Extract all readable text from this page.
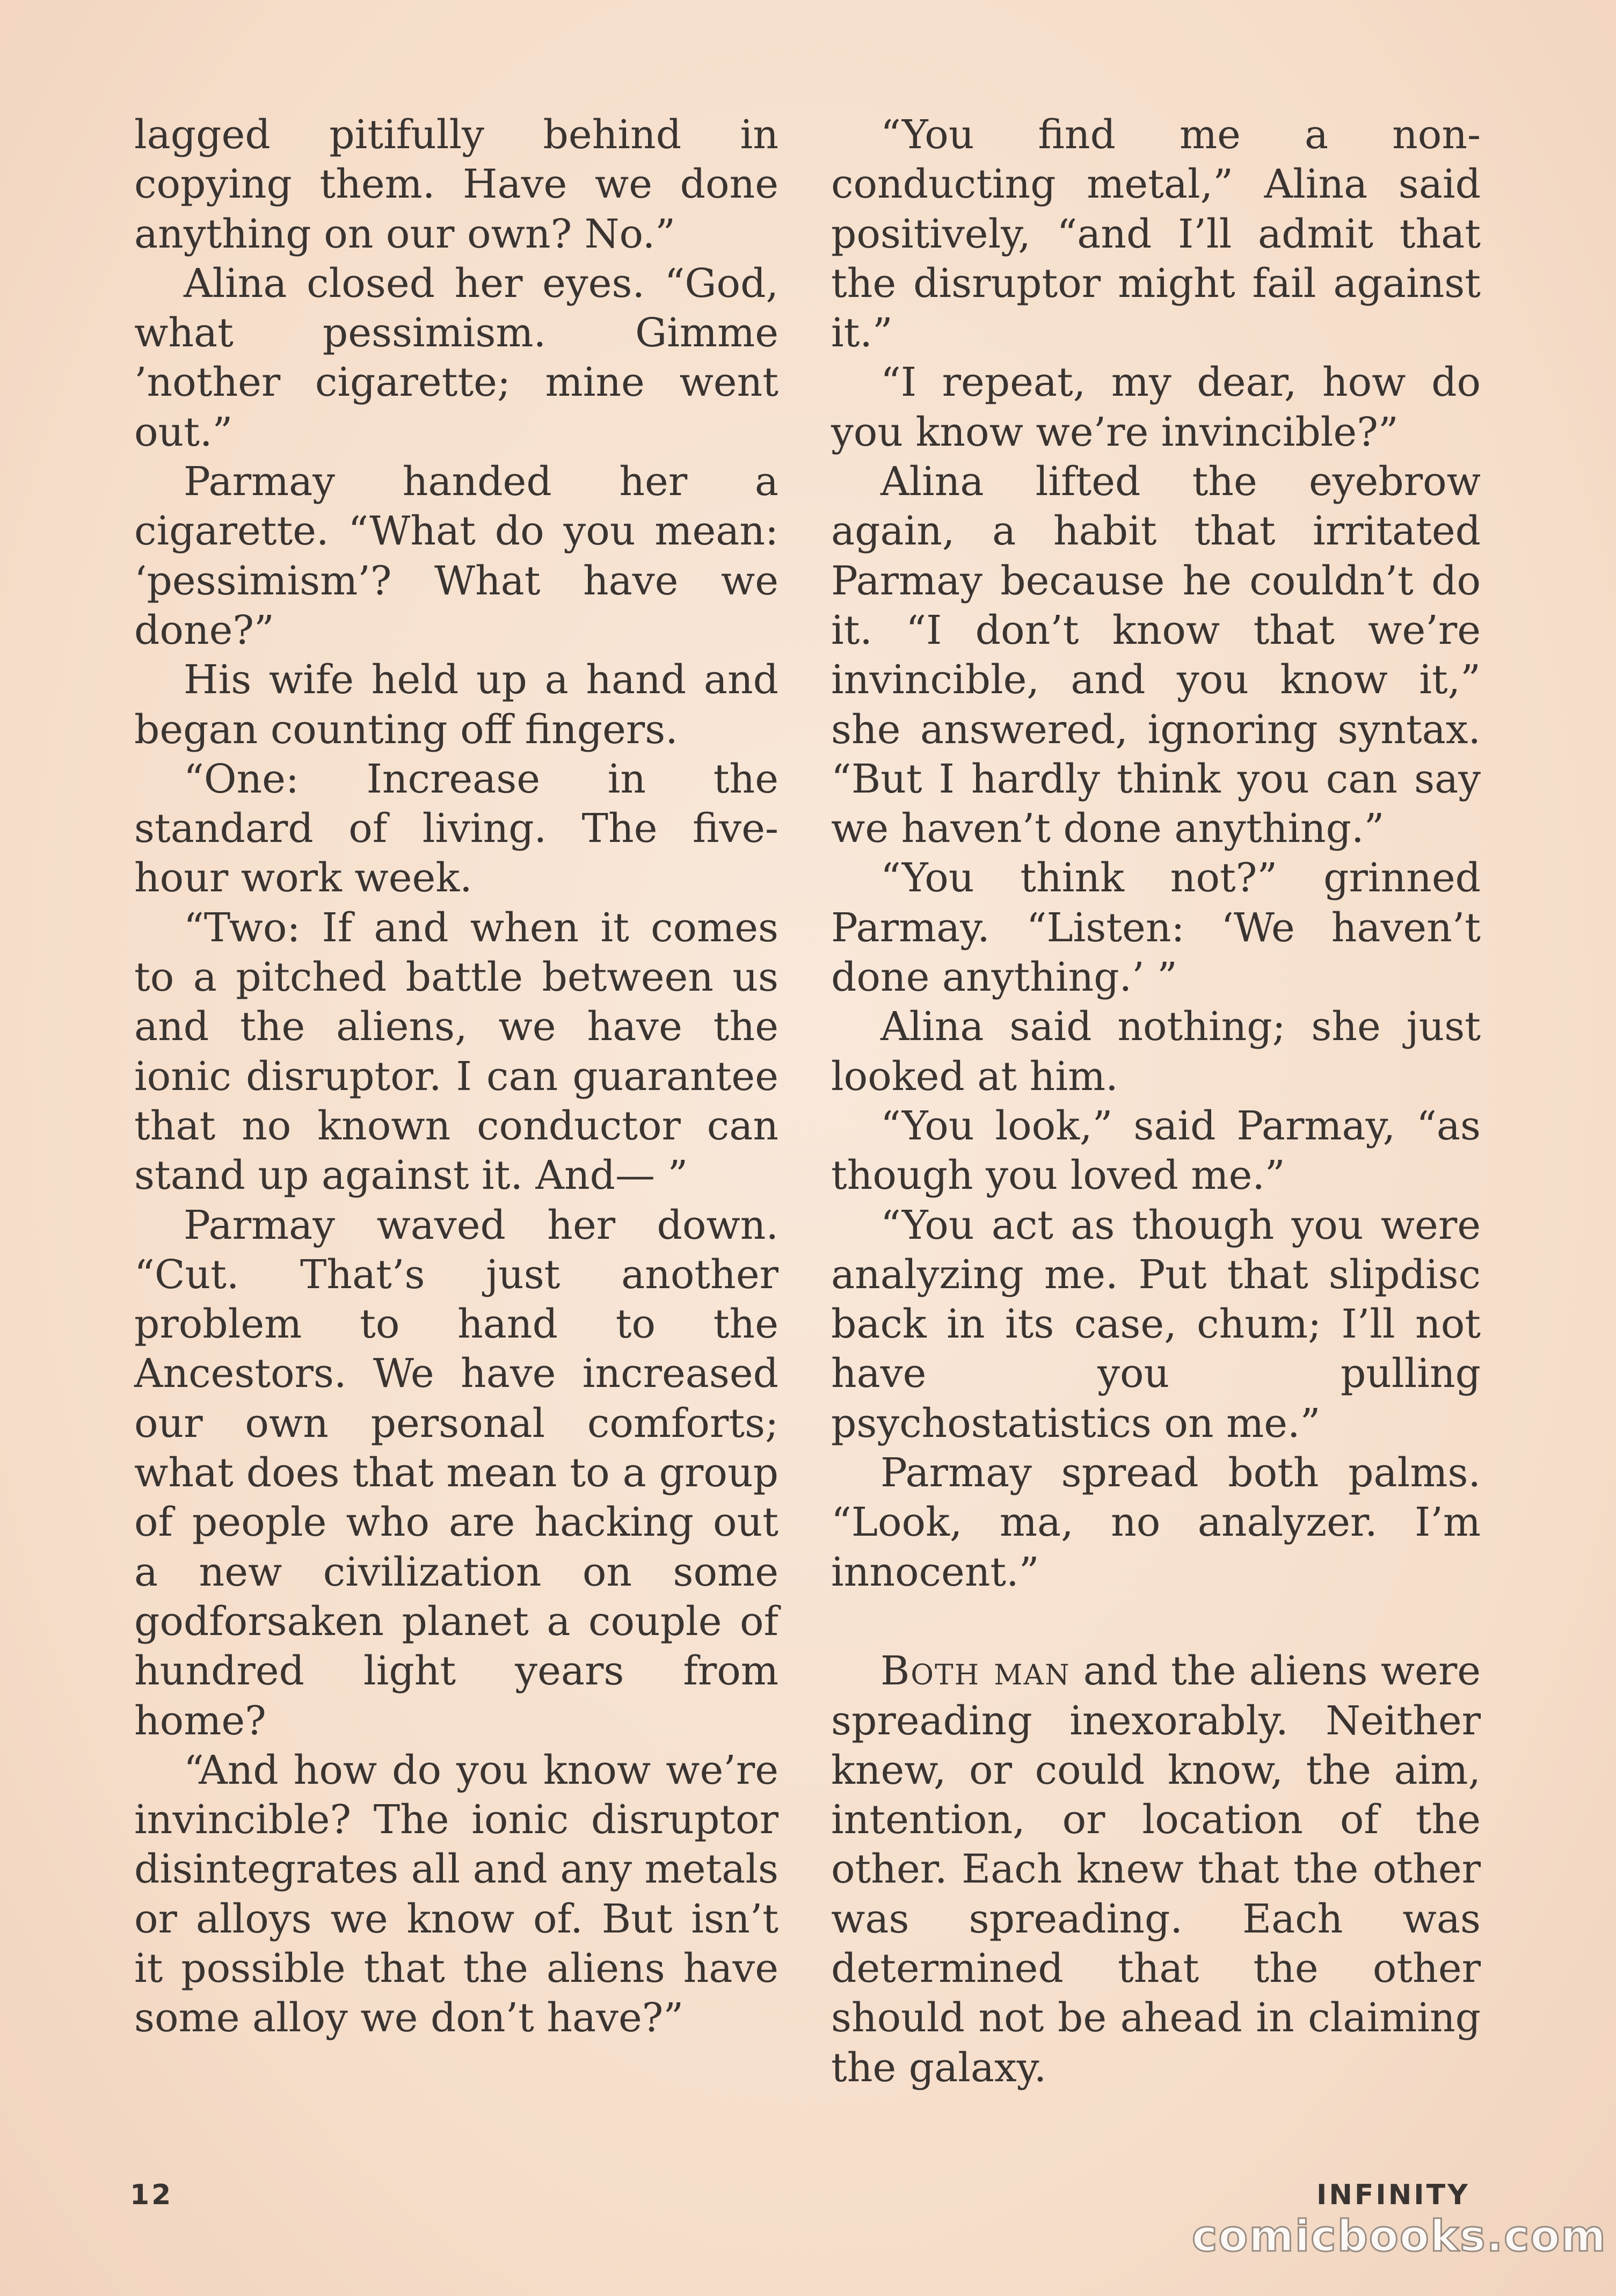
lagged pitifully behind in copying them. Have we done anything on our own? No.”

Alina closed her eyes. “God, what pessimism. Gimme ’nother cigarette; mine went out.”

Parmay handed her a cigarette. “What do you mean: ‘pessimism’? What have we done?”

His wife held up a hand and began counting off fingers.

“One: Increase in the standard of living. The five-hour work week.

“Two: If and when it comes to a pitched battle between us and the aliens, we have the ionic disruptor. I can guarantee that no known conductor can stand up against it. And— ”

Parmay waved her down. “Cut. That’s just another problem to hand to the Ancestors. We have increased our own personal comforts; what does that mean to a group of people who are hacking out a new civilization on some godforsaken planet a couple of hundred light years from home?

“And how do you know we’re invincible? The ionic disruptor disintegrates all and any metals or alloys we know of. But isn’t it possible that the aliens have some alloy we don’t have?”

“You find me a non-conducting metal,” Alina said positively, “and I’ll admit that the disruptor might fail against it.”

“I repeat, my dear, how do you know we’re invincible?”

Alina lifted the eyebrow again, a habit that irritated Parmay because he couldn’t do it. “I don’t know that we’re invincible, and you know it,” she answered, ignoring syntax. “But I hardly think you can say we haven’t done anything.”

“You think not?” grinned Parmay. “Listen: ‘We haven’t done anything.’ ”

Alina said nothing; she just looked at him.

“You look,” said Parmay, “as though you loved me.”

“You act as though you were analyzing me. Put that slipdisc back in its case, chum; I’ll not have you pulling psychostatistics on me.”

Parmay spread both palms. “Look, ma, no analyzer. I’m innocent.”

Both man and the aliens were spreading inexorably. Neither knew, or could know, the aim, intention, or location of the other. Each knew that the other was spreading. Each was determined that the other should not be ahead in claiming the galaxy.

12	INFINITY
comicbooks.com
